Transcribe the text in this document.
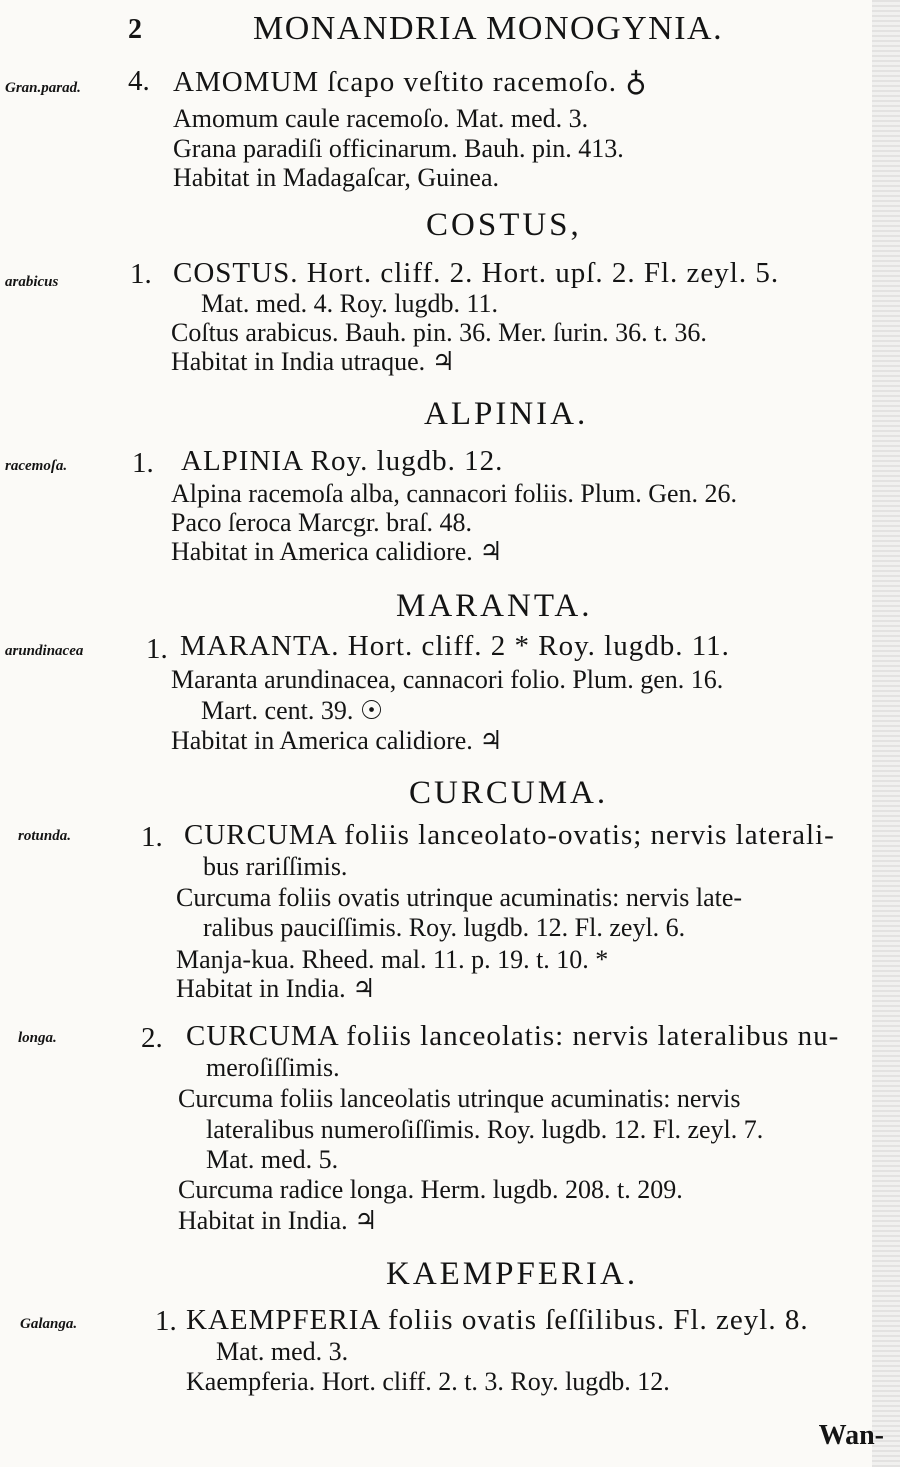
2	MONANDRIA MONOGYNIA.
Gran.parad. 4. AMOMUM ſcapo veſtito racemoſo. ♁
Amomum caule racemoſo. Mat. med. 3.
Grana paradiſi officinarum. Bauh. pin. 413.
Habitat in Madagaſcar, Guinea.
COSTUS,
arabicus 1. COSTUS. Hort. cliff. 2. Hort. upſ. 2. Fl. zeyl. 5.
Mat. med. 4. Roy. lugdb. 11.
Coſtus arabicus. Bauh. pin. 36. Mer. ſurin. 36. t. 36.
Habitat in India utraque. ♃
ALPINIA.
racemoſa. 1. ALPINIA Roy. lugdb. 12.
Alpina racemoſa alba, cannacori foliis. Plum. Gen. 26.
Paco ſeroca Marcgr. braſ. 48.
Habitat in America calidiore. ♃
MARANTA.
arundinacea 1. MARANTA. Hort. cliff. 2 * Roy. lugdb. 11.
Maranta arundinacea, cannacori folio. Plum. gen. 16.
Mart. cent. 39. ☉
Habitat in America calidiore. ♃
CURCUMA.
rotunda. 1. CURCUMA foliis lanceolato-ovatis; nervis laterali-
bus rariſſimis.
Curcuma foliis ovatis utrinque acuminatis: nervis late-
ralibus pauciſſimis. Roy. lugdb. 12. Fl. zeyl. 6.
Manja-kua. Rheed. mal. 11. p. 19. t. 10. *
Habitat in India. ♃
longa.	2. CURCUMA foliis lanceolatis: nervis lateralibus nu-
meroſiſſimis.
Curcuma foliis lanceolatis utrinque acuminatis: nervis
lateralibus numeroſiſſimis. Roy. lugdb. 12. Fl. zeyl. 7.
Mat. med. 5.
Curcuma radice longa. Herm. lugdb. 208. t. 209.
Habitat in India. ♃
KAEMPFERIA.
Galanga.	1. KAEMPFERIA foliis ovatis ſeſſilibus. Fl. zeyl. 8.
Mat. med. 3.
Kaempferia. Hort. cliff. 2. t. 3. Roy. lugdb. 12.
Wan-
